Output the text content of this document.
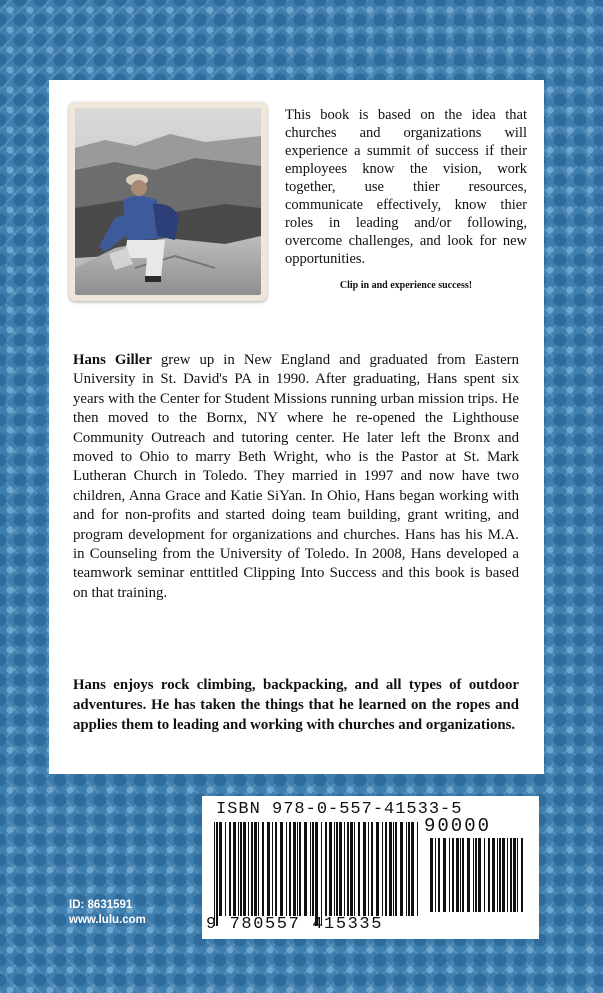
This book is based on the idea that churches and organizations will experience a summit of success if their employees know the vision, work together, use thier resources, communicate effectively, know thier roles in leading and/or following, overcome challenges, and look for new opportunities.
Clip in and experience success!

Hans Giller grew up in New England and graduated from Eastern University in St. David's PA in 1990. After graduating, Hans spent six years with the Center for Student Missions running urban mission trips. He then moved to the Bornx, NY where he re-opened the Lighthouse Community Outreach and tutoring center. He later left the Bronx and moved to Ohio to marry Beth Wright, who is the Pastor at St. Mark Lutheran Church in Toledo. They married in 1997 and now have two children, Anna Grace and Katie SiYan. In Ohio, Hans began working with and for non-profits and started doing team building, grant writing, and program development for organizations and churches. Hans has his M.A. in Counseling from the University of Toledo. In 2008, Hans developed a teamwork seminar enttitled Clipping Into Success and this book is based on that training.

Hans enjoys rock climbing, backpacking, and all types of outdoor adventures. He has taken the things that he learned on the ropes and applies them to leading and working with churches and organizations.

ISBN 978-0-557-41533-5
90000
9 780557 415335
ID: 8631591
www.lulu.com
